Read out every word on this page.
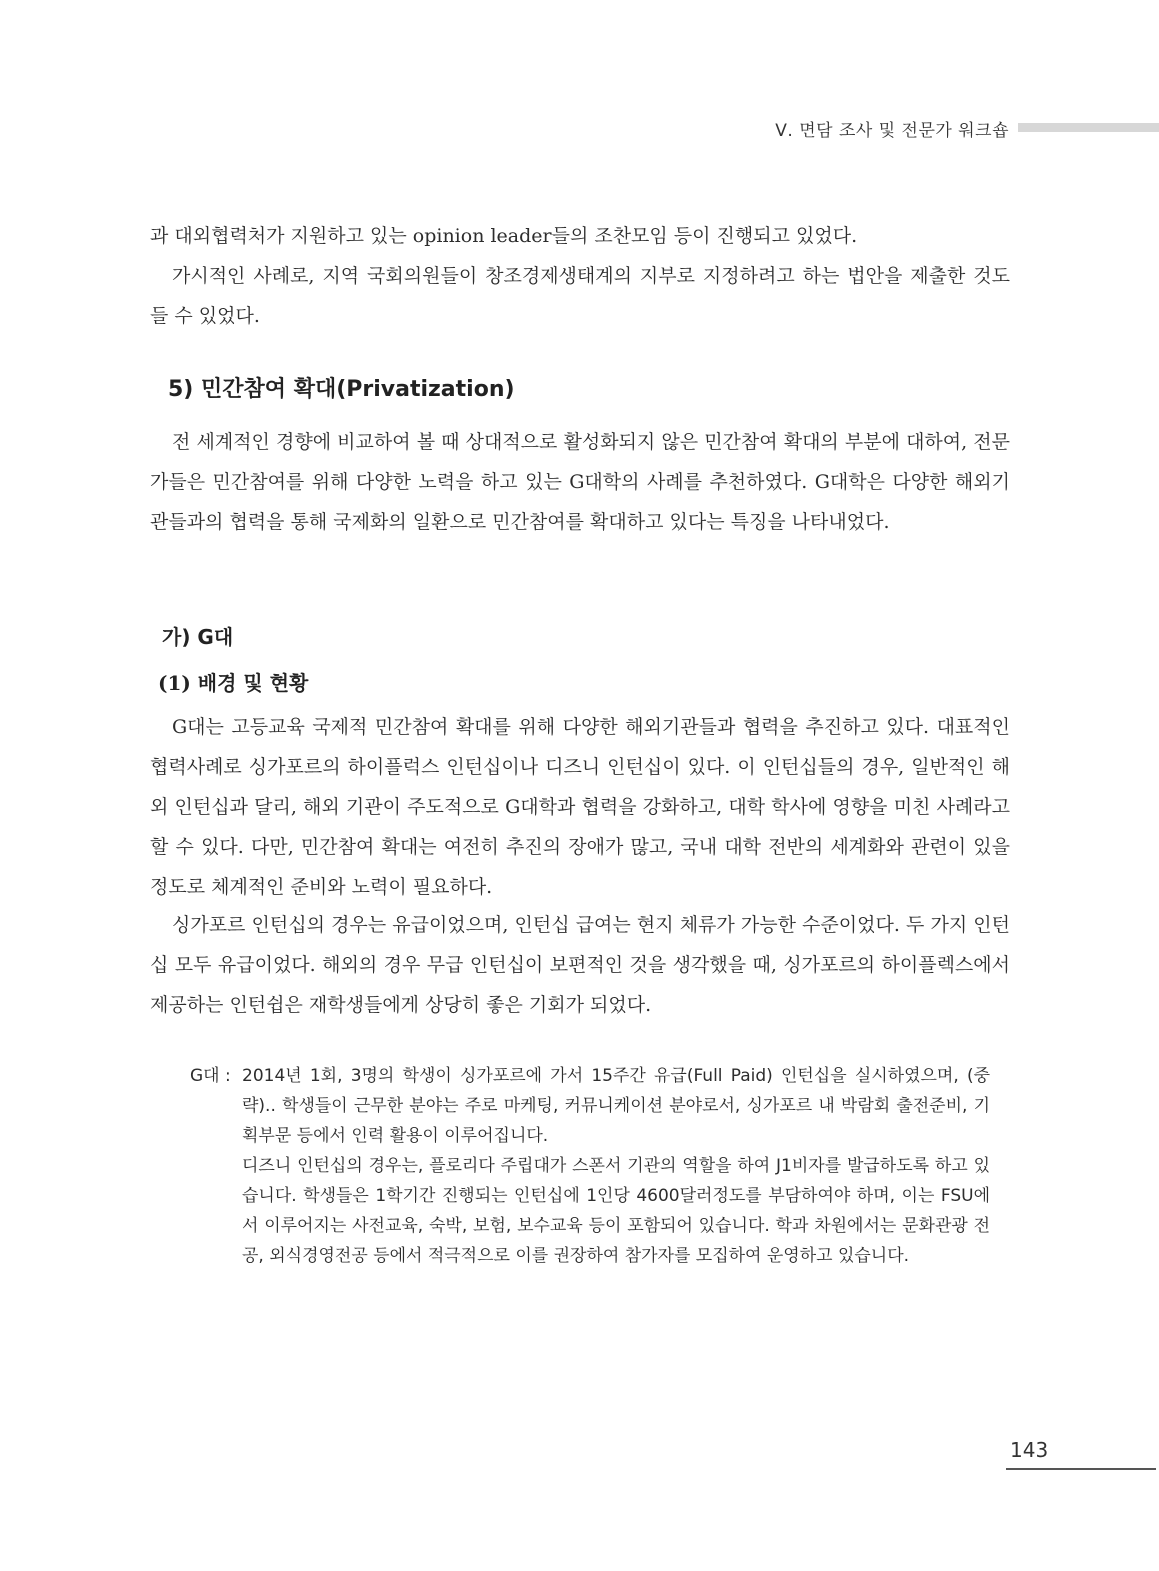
Ⅴ. 면담 조사 및 전문가 워크숍

과 대외협력처가 지원하고 있는 opinion leader들의 조찬모임 등이 진행되고 있었다.

가시적인 사례로, 지역 국회의원들이 창조경제생태계의 지부로 지정하려고 하는 법안을 제출한 것도 들 수 있었다.

5) 민간참여 확대(Privatization)

전 세계적인 경향에 비교하여 볼 때 상대적으로 활성화되지 않은 민간참여 확대의 부분에 대하여, 전문가들은 민간참여를 위해 다양한 노력을 하고 있는 G대학의 사례를 추천하였다. G대학은 다양한 해외기관들과의 협력을 통해 국제화의 일환으로 민간참여를 확대하고 있다는 특징을 나타내었다.

가) G대
(1) 배경 및 현황

G대는 고등교육 국제적 민간참여 확대를 위해 다양한 해외기관들과 협력을 추진하고 있다. 대표적인 협력사례로 싱가포르의 하이플럭스 인턴십이나 디즈니 인턴십이 있다. 이 인턴십들의 경우, 일반적인 해외 인턴십과 달리, 해외 기관이 주도적으로 G대학과 협력을 강화하고, 대학 학사에 영향을 미친 사례라고 할 수 있다. 다만, 민간참여 확대는 여전히 추진의 장애가 많고, 국내 대학 전반의 세계화와 관련이 있을 정도로 체계적인 준비와 노력이 필요하다.

싱가포르 인턴십의 경우는 유급이었으며, 인턴십 급여는 현지 체류가 가능한 수준이었다. 두 가지 인턴십 모두 유급이었다. 해외의 경우 무급 인턴십이 보편적인 것을 생각했을 때, 싱가포르의 하이플렉스에서 제공하는 인턴쉽은 재학생들에게 상당히 좋은 기회가 되었다.

G대 : 2014년 1회, 3명의 학생이 싱가포르에 가서 15주간 유급(Full Paid) 인턴십을 실시하였으며, (중략).. 학생들이 근무한 분야는 주로 마케팅, 커뮤니케이션 분야로서, 싱가포르 내 박람회 출전준비, 기획부문 등에서 인력 활용이 이루어집니다.

디즈니 인턴십의 경우는, 플로리다 주립대가 스폰서 기관의 역할을 하여 J1비자를 발급하도록 하고 있습니다. 학생들은 1학기간 진행되는 인턴십에 1인당 4600달러정도를 부담하여야 하며, 이는 FSU에서 이루어지는 사전교육, 숙박, 보험, 보수교육 등이 포함되어 있습니다. 학과 차원에서는 문화관광 전공, 외식경영전공 등에서 적극적으로 이를 권장하여 참가자를 모집하여 운영하고 있습니다.

143
